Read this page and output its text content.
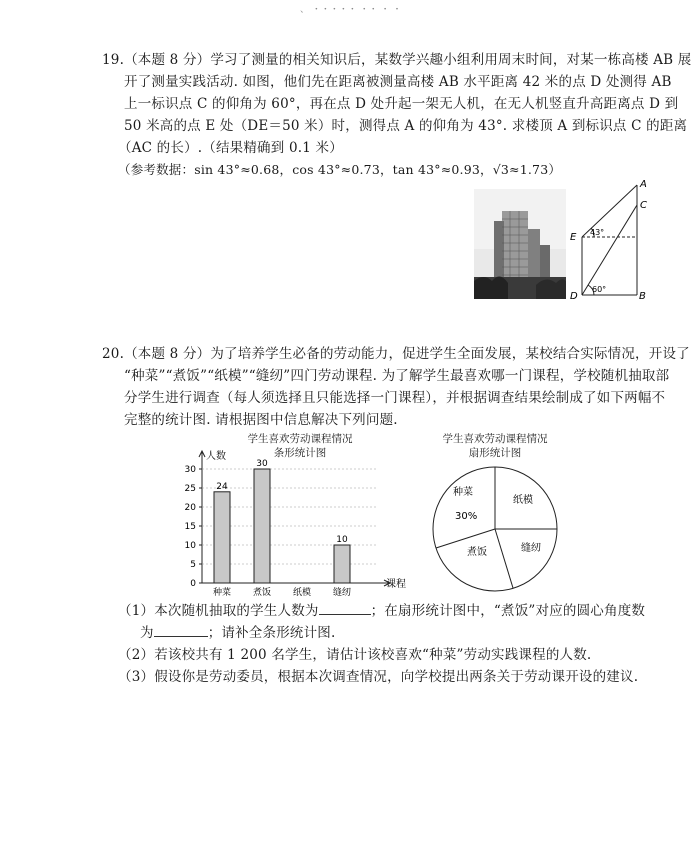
、 ・・・・・ ・・ ・ ・
19.（本题 8 分）学习了测量的相关知识后，某数学兴趣小组利用周末时间，对某一栋高楼 AB 展
开了测量实践活动. 如图，他们先在距离被测量高楼 AB 水平距离 42 米的点 D 处测得 AB
上一标识点 C 的仰角为 60°，再在点 D 处升起一架无人机，在无人机竖直升高距离点 D 到
50 米高的点 E 处（DE＝50 米）时，测得点 A 的仰角为 43°. 求楼顶 A 到标识点 C 的距离
（AC 的长）.（结果精确到 0.1 米）
（参考数据：sin 43°≈0.68，cos 43°≈0.73，tan 43°≈0.93，√3≈1.73）
A
C
E
D	B
43°
60°
20.（本题 8 分）为了培养学生必备的劳动能力，促进学生全面发展，某校结合实际情况，开设了
“种菜”“煮饭”“纸模”“缝纫”四门劳动课程. 为了解学生最喜欢哪一门课程，学校随机抽取部
分学生进行调查（每人须选择且只能选择一门课程），并根据调查结果绘制成了如下两幅不
完整的统计图. 请根据图中信息解决下列问题.
学生喜欢劳动课程情况
条形统计图
人数
课程
0
5
10
15
20
25
30
24
种菜
30
煮饭 纸模
10
缝纫
学生喜欢劳动课程情况
扇形统计图
种菜
30%
纸模
缝纫
煮饭
（1）本次随机抽取的学生人数为	；在扇形统计图中，“煮饭”对应的圆心角度数
为	；请补全条形统计图.
（2）若该校共有 1 200 名学生，请估计该校喜欢“种菜”劳动实践课程的人数.
（3）假设你是劳动委员，根据本次调查情况，向学校提出两条关于劳动课开设的建议.
